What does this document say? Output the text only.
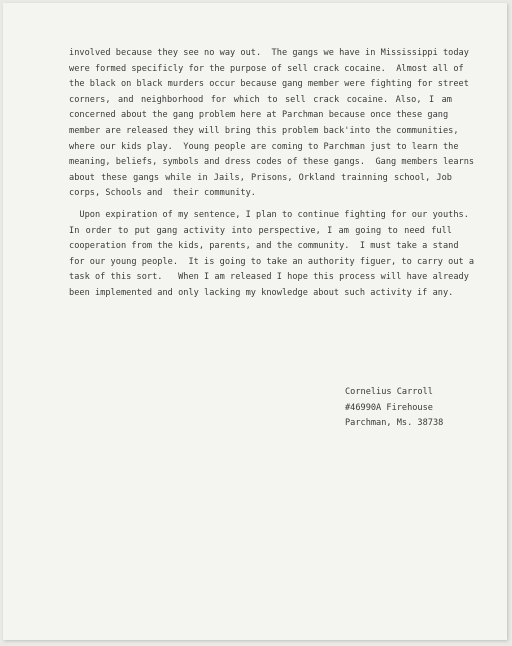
involved because they see no way out.  The gangs we have in Mississippi today
were formed specificly for the purpose of sell crack cocaine.  Almost all of
the black on black murders occur because gang member were fighting for street
corners, and neighborhood for which to sell crack cocaine. Also, I am
concerned about the gang problem here at Parchman because once these gang
member are released they will bring this problem back'into the communities,
where our kids play.  Young people are coming to Parchman just to learn the
meaning, beliefs, symbols and dress codes of these gangs.  Gang members learns
about these gangs while in Jails, Prisons, Orkland trainning school, Job
corps, Schools and  their community.
Upon expiration of my sentence, I plan to continue fighting for our youths.
In order to put gang activity into perspective, I am going to need full
cooperation from the kids, parents, and the community.  I must take a stand
for our young people.  It is going to take an authority figuer, to carry out a
task of this sort.   When I am released I hope this process will have already
been implemented and only lacking my knowledge about such activity if any.
Cornelius Carroll
#46990A Firehouse
Parchman, Ms. 38738
